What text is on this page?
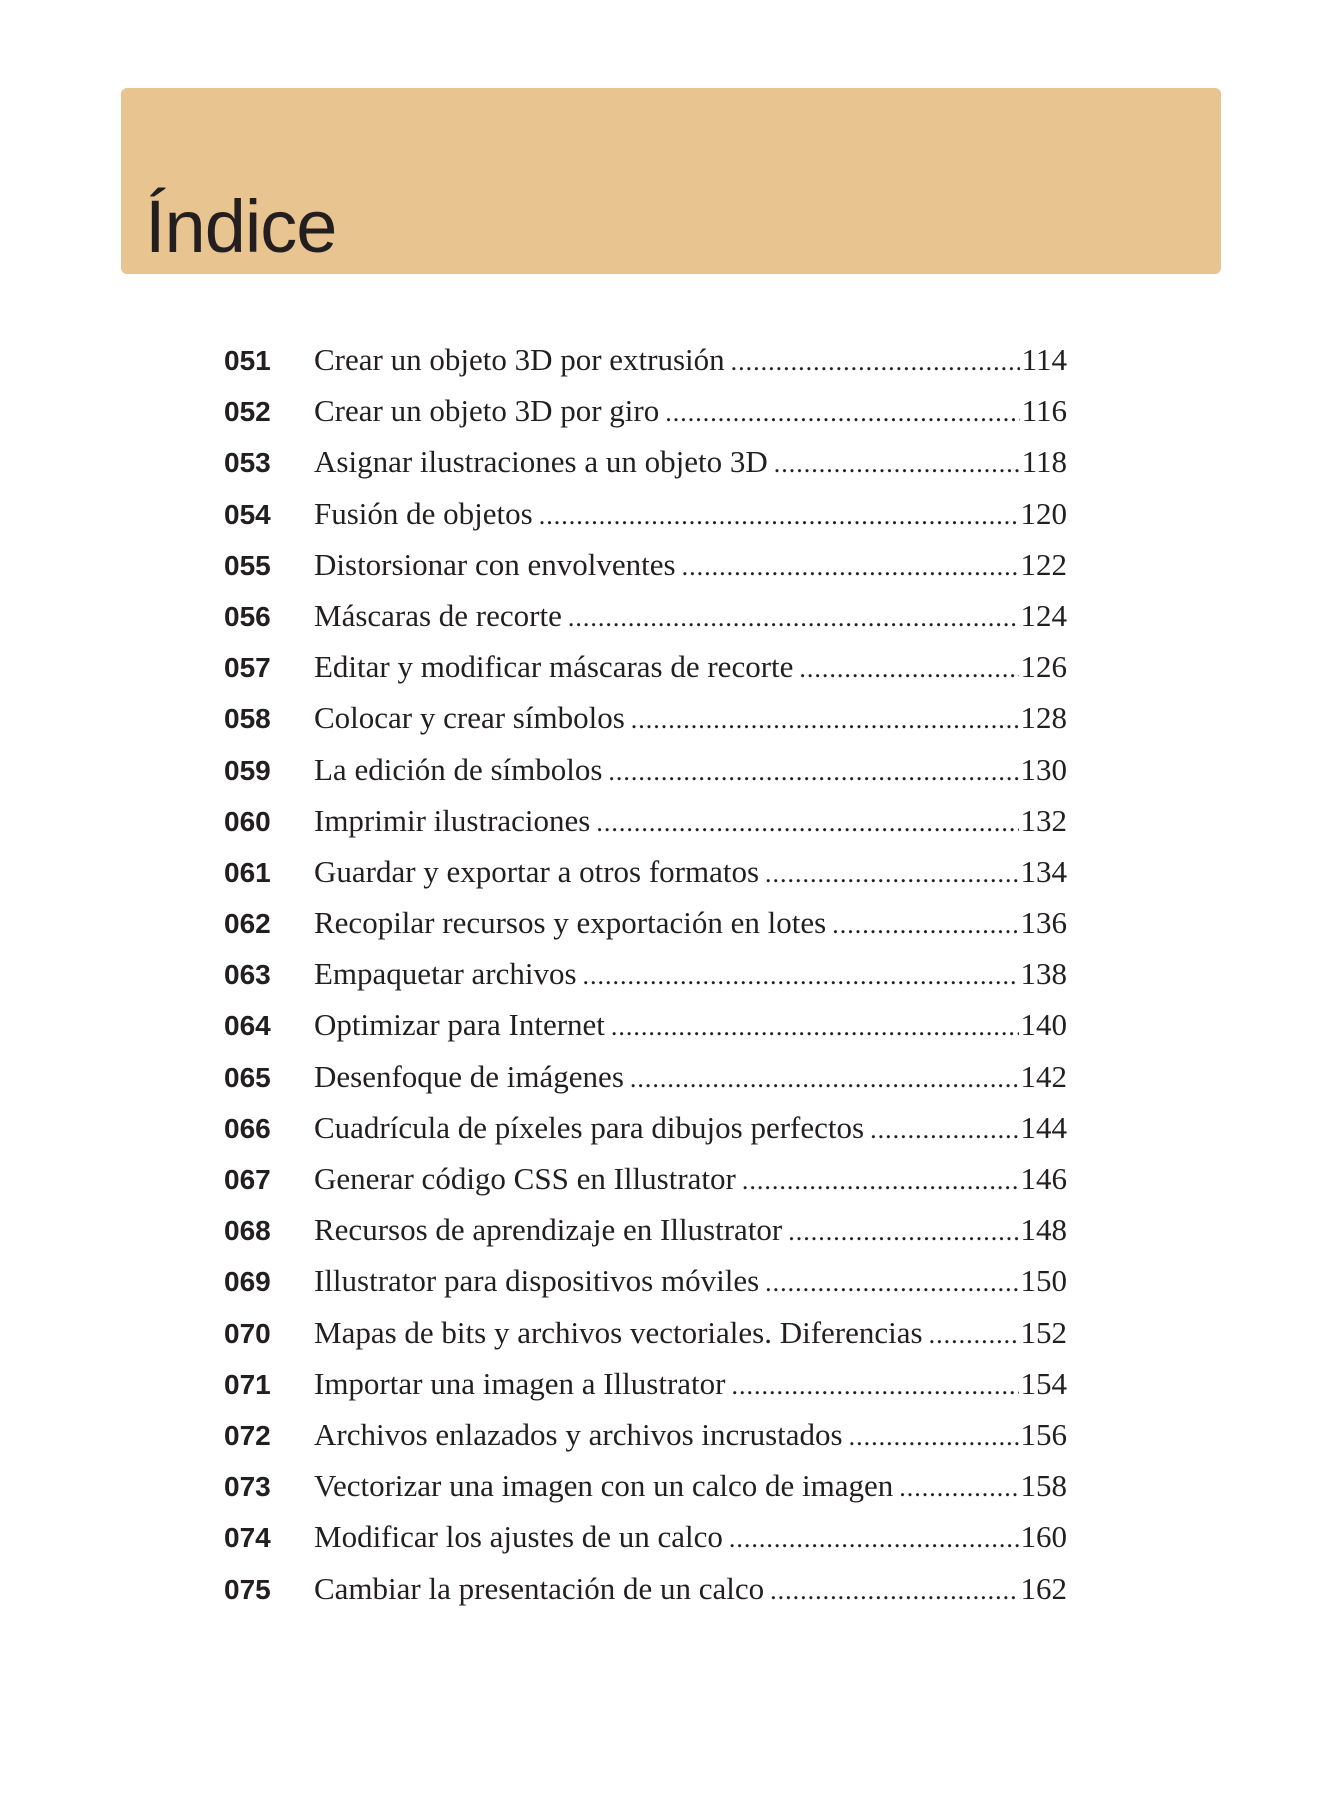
Índice
051	Crear un objeto 3D por extrusión .....	114
052	Crear un objeto 3D por giro .....	116
053	Asignar ilustraciones a un objeto 3D .....	118
054	Fusión de objetos .....	120
055	Distorsionar con envolventes .....	122
056	Máscaras de recorte .....	124
057	Editar y modificar máscaras de recorte .....	126
058	Colocar y crear símbolos .....	128
059	La edición de símbolos .....	130
060	Imprimir ilustraciones .....	132
061	Guardar y exportar a otros formatos .....	134
062	Recopilar recursos y exportación en lotes .....	136
063	Empaquetar archivos .....	138
064	Optimizar para Internet .....	140
065	Desenfoque de imágenes .....	142
066	Cuadrícula de píxeles para dibujos perfectos .....	144
067	Generar código CSS en Illustrator .....	146
068	Recursos de aprendizaje en Illustrator .....	148
069	Illustrator para dispositivos móviles .....	150
070	Mapas de bits y archivos vectoriales. Diferencias .....	152
071	Importar una imagen a Illustrator .....	154
072	Archivos enlazados y archivos incrustados .....	156
073	Vectorizar una imagen con un calco de imagen .....	158
074	Modificar los ajustes de un calco .....	160
075	Cambiar la presentación de un calco .....	162
